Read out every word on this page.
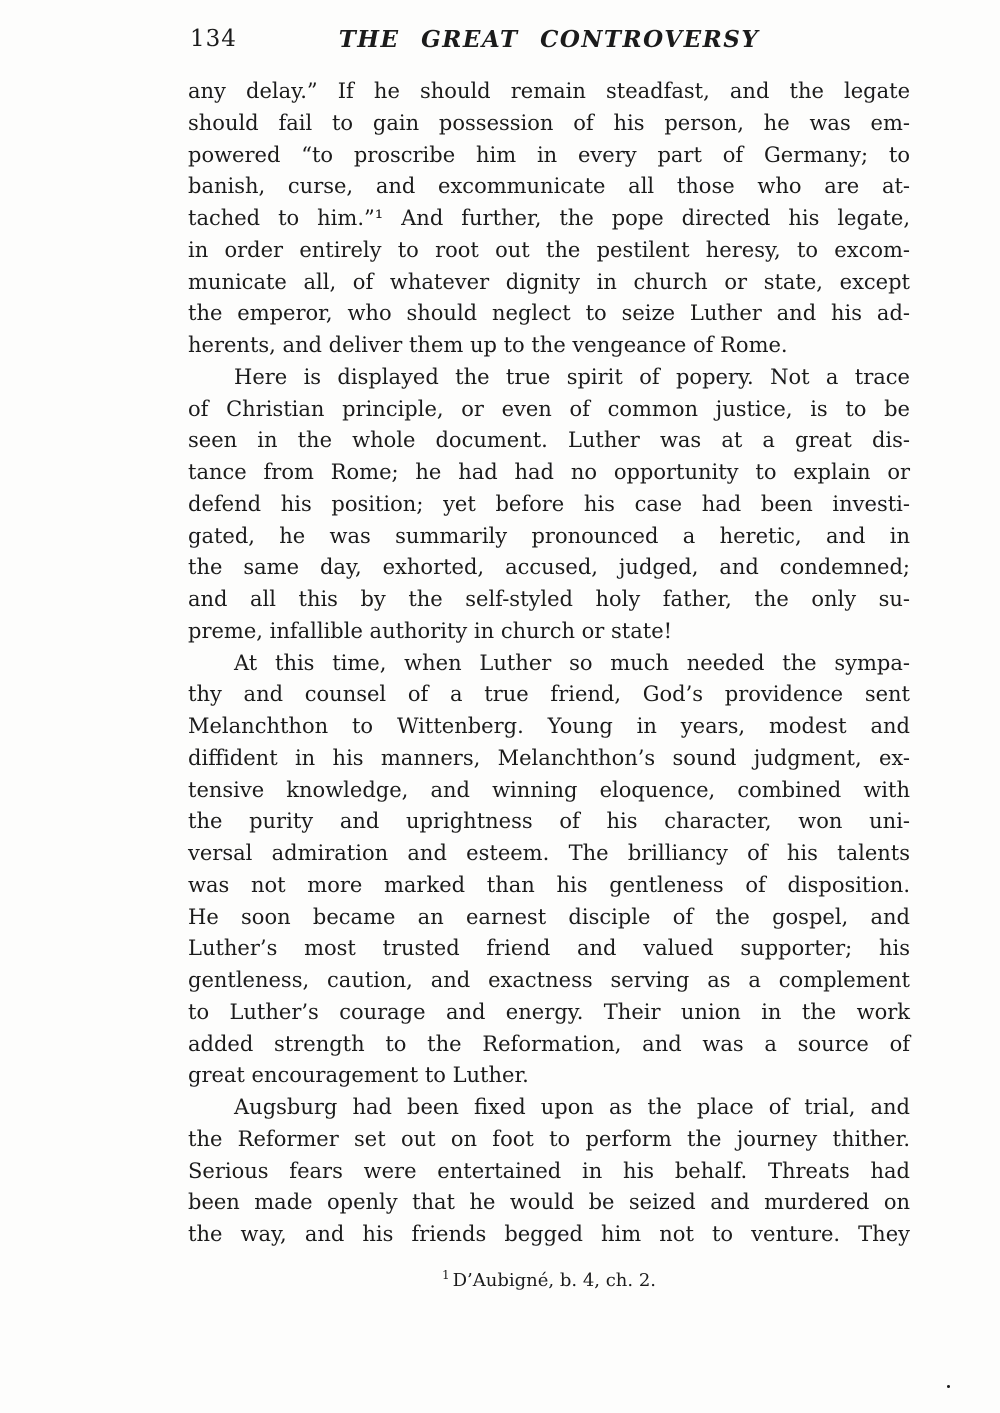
134	THE GREAT CONTROVERSY
any delay.” If he should remain steadfast, and the legate
should fail to gain possession of his person, he was em-
powered “to proscribe him in every part of Germany; to
banish, curse, and excommunicate all those who are at-
tached to him.”¹ And further, the pope directed his legate,
in order entirely to root out the pestilent heresy, to excom-
municate all, of whatever dignity in church or state, except
the emperor, who should neglect to seize Luther and his ad-
herents, and deliver them up to the vengeance of Rome.
Here is displayed the true spirit of popery. Not a trace
of Christian principle, or even of common justice, is to be
seen in the whole document. Luther was at a great dis-
tance from Rome; he had had no opportunity to explain or
defend his position; yet before his case had been investi-
gated, he was summarily pronounced a heretic, and in
the same day, exhorted, accused, judged, and condemned;
and all this by the self-styled holy father, the only su-
preme, infallible authority in church or state!
At this time, when Luther so much needed the sympa-
thy and counsel of a true friend, God’s providence sent
Melanchthon to Wittenberg. Young in years, modest and
diffident in his manners, Melanchthon’s sound judgment, ex-
tensive knowledge, and winning eloquence, combined with
the purity and uprightness of his character, won uni-
versal admiration and esteem. The brilliancy of his talents
was not more marked than his gentleness of disposition.
He soon became an earnest disciple of the gospel, and
Luther’s most trusted friend and valued supporter; his
gentleness, caution, and exactness serving as a complement
to Luther’s courage and energy. Their union in the work
added strength to the Reformation, and was a source of
great encouragement to Luther.
Augsburg had been fixed upon as the place of trial, and
the Reformer set out on foot to perform the journey thither.
Serious fears were entertained in his behalf. Threats had
been made openly that he would be seized and murdered on
the way, and his friends begged him not to venture. They
$^1$ D’Aubigné, b. 4, ch. 2.
